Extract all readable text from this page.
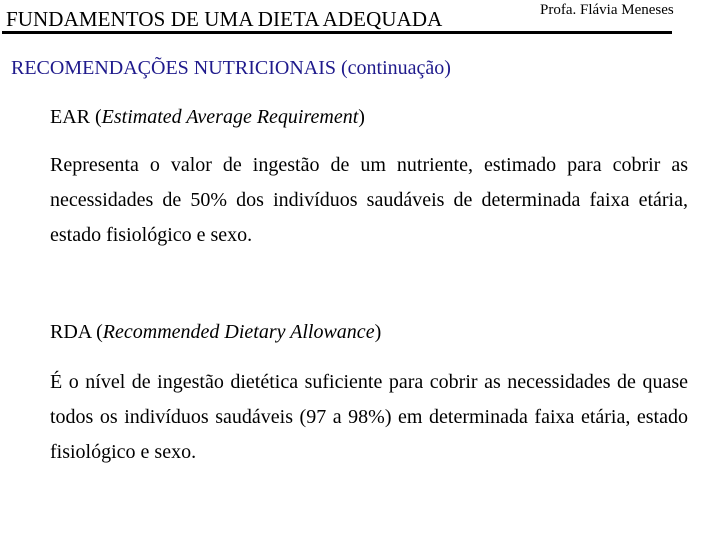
FUNDAMENTOS DE UMA DIETA ADEQUADA	Profa. Flávia Meneses
RECOMENDAÇÕES NUTRICIONAIS (continuação)
EAR (Estimated Average Requirement)

Representa o valor de ingestão de um nutriente, estimado para cobrir as necessidades de 50% dos indivíduos saudáveis de determinada faixa etária, estado fisiológico e sexo.

RDA (Recommended Dietary Allowance)

É o nível de ingestão dietética suficiente para cobrir as necessidades de quase todos os indivíduos saudáveis (97 a 98%) em determinada faixa etária, estado fisiológico e sexo.
